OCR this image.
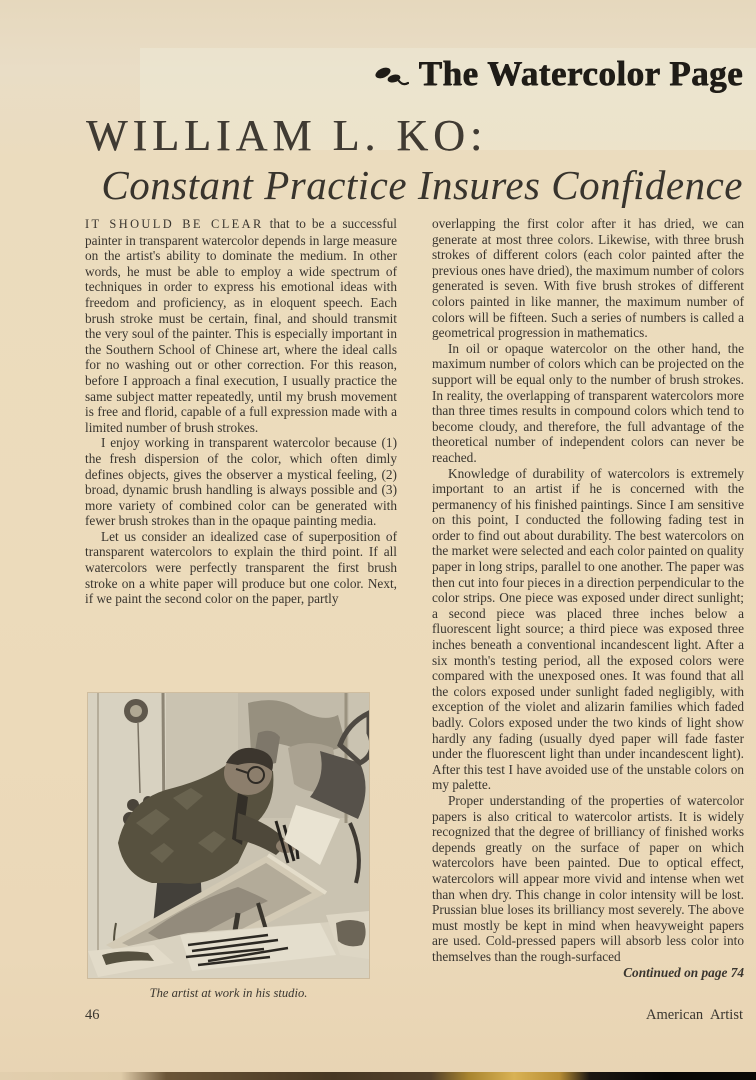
The Watercolor Page
WILLIAM L. KO:
Constant Practice Insures Confidence

IT SHOULD BE CLEAR that to be a successful painter in transparent watercolor depends in large measure on the artist's ability to dominate the medium. In other words, he must be able to employ a wide spectrum of techniques in order to express his emotional ideas with freedom and proficiency, as in eloquent speech. Each brush stroke must be certain, final, and should transmit the very soul of the painter. This is especially important in the Southern School of Chinese art, where the ideal calls for no washing out or other correction. For this reason, before I approach a final execution, I usually practice the same subject matter repeatedly, until my brush movement is free and florid, capable of a full expression made with a limited number of brush strokes.

I enjoy working in transparent watercolor because (1) the fresh dispersion of the color, which often dimly defines objects, gives the observer a mystical feeling, (2) broad, dynamic brush handling is always possible and (3) more variety of combined color can be generated with fewer brush strokes than in the opaque painting media.

Let us consider an idealized case of superposition of transparent watercolors to explain the third point. If all watercolors were perfectly transparent the first brush stroke on a white paper will produce but one color. Next, if we paint the second color on the paper, partly

overlapping the first color after it has dried, we can generate at most three colors. Likewise, with three brush strokes of different colors (each color painted after the previous ones have dried), the maximum number of colors generated is seven. With five brush strokes of different colors painted in like manner, the maximum number of colors will be fifteen. Such a series of numbers is called a geometrical progression in mathematics.

In oil or opaque watercolor on the other hand, the maximum number of colors which can be projected on the support will be equal only to the number of brush strokes. In reality, the overlapping of transparent watercolors more than three times results in compound colors which tend to become cloudy, and therefore, the full advantage of the theoretical number of independent colors can never be reached.

Knowledge of durability of watercolors is extremely important to an artist if he is concerned with the permanency of his finished paintings. Since I am sensitive on this point, I conducted the following fading test in order to find out about durability. The best watercolors on the market were selected and each color painted on quality paper in long strips, parallel to one another. The paper was then cut into four pieces in a direction perpendicular to the color strips. One piece was exposed under direct sunlight; a second piece was placed three inches below a fluorescent light source; a third piece was exposed three inches beneath a conventional incandescent light. After a six month's testing period, all the exposed colors were compared with the unexposed ones. It was found that all the colors exposed under sunlight faded negligibly, with exception of the violet and alizarin families which faded badly. Colors exposed under the two kinds of light show hardly any fading (usually dyed paper will fade faster under the fluorescent light than under incandescent light). After this test I have avoided use of the unstable colors on my palette.

Proper understanding of the properties of watercolor papers is also critical to watercolor artists. It is widely recognized that the degree of brilliancy of finished works depends greatly on the surface of paper on which watercolors have been painted. Due to optical effect, watercolors will appear more vivid and intense when wet than when dry. This change in color intensity will be lost. Prussian blue loses its brilliancy most severely. The above must mostly be kept in mind when heavyweight papers are used. Cold-pressed papers will absorb less color into themselves than the rough-surfaced

Continued on page 74

The artist at work in his studio.
46	American Artist
